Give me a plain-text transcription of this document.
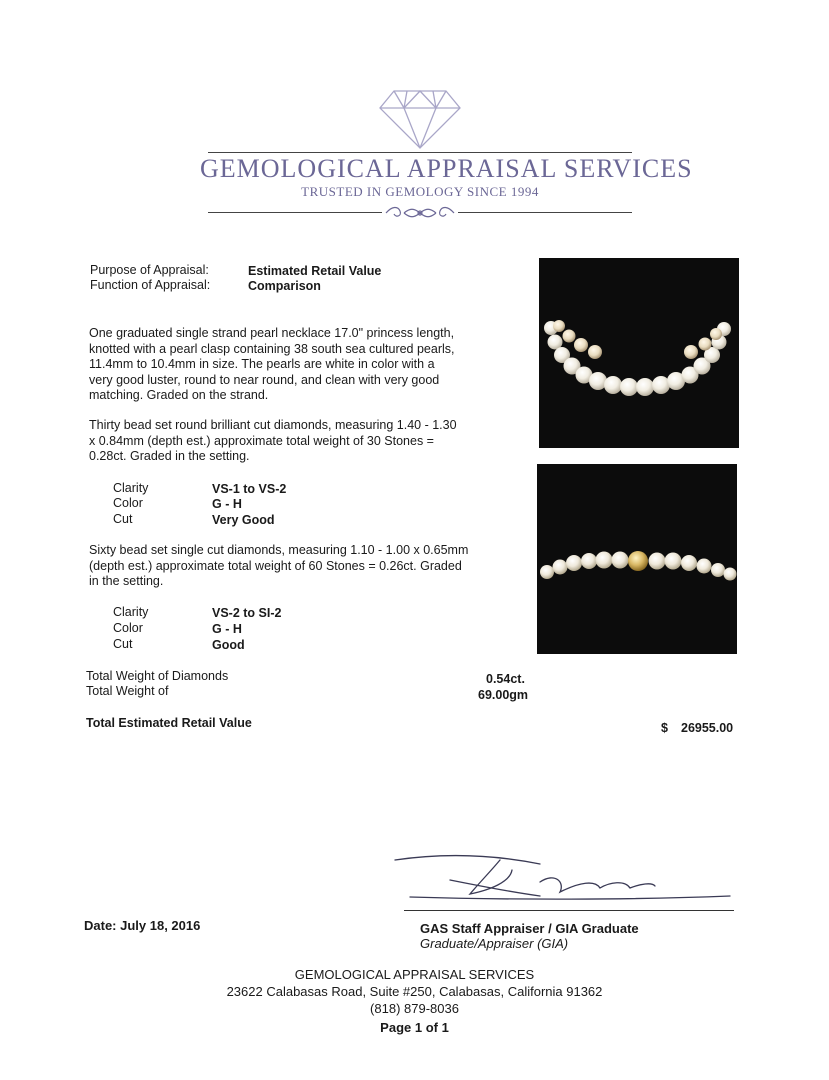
GEMOLOGICAL APPRAISAL SERVICES
TRUSTED IN GEMOLOGY SINCE 1994
Purpose of Appraisal:	Estimated Retail Value
Function of Appraisal:	Comparison
One graduated single strand pearl necklace 17.0" princess length,
knotted with a pearl clasp containing 38 south sea cultured pearls,
11.4mm to 10.4mm in size. The pearls are white in color with a
very good luster, round to near round, and clean with very good
matching. Graded on the strand.
Thirty bead set round brilliant cut diamonds, measuring 1.40 - 1.30
x 0.84mm (depth est.) approximate total weight of 30 Stones =
0.28ct. Graded in the setting.
Clarity	VS-1 to VS-2
Color	G - H
Cut	Very Good
Sixty bead set single cut diamonds, measuring 1.10 - 1.00 x 0.65mm
(depth est.) approximate total weight of 60 Stones = 0.26ct. Graded
in the setting.
Clarity	VS-2 to SI-2
Color	G - H
Cut	Good
Total Weight of Diamonds	0.54ct.
Total Weight of	69.00gm
Total Estimated Retail Value	$ 26955.00
Date: July 18, 2016	GAS Staff Appraiser / GIA Graduate
Graduate/Appraiser (GIA)
GEMOLOGICAL APPRAISAL SERVICES
23622 Calabasas Road, Suite #250, Calabasas, California 91362
(818) 879-8036
Page 1 of 1
